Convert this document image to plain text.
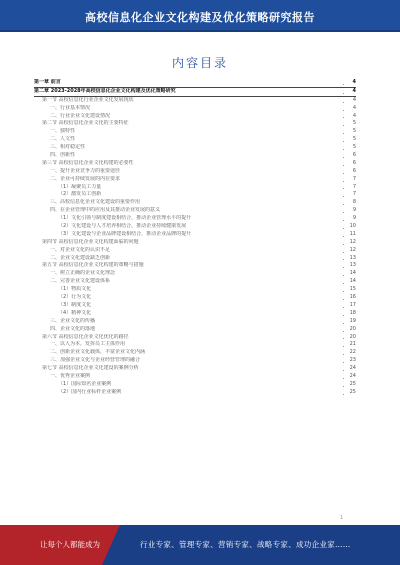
高校信息化企业文化构建及优化策略研究报告
内容目录
第一章 前言	4
第二章 2023-2028年高校信息化企业文化构建及优化策略研究	4
第一节 高校信息化行业企业文化发展现状	4
一、行业基本情况	4
二、行业企业文化建设情况	4
第二节 高校信息化企业文化的主要特征	5
一、独特性	5
二、人文性	5
三、相对稳定性	5
四、创新性	6
第三节 高校信息化企业文化构建的必要性	6
一、提升企业竞争力的重要途径	6
二、企业可持续发展的内在要求	7
（1）凝聚员工力量	7
（2）激发员工创新	7
三、高校信息化企业文化建设的重要作用	8
四、在企业管理中的应用及其推动企业发展的意义	9
（1）文化引领与制度建设相结合，推动企业管理水平的提升	9
（2）文化建设与人才培养相结合，推动企业持续健康发展	10
（3）文化建设与企业品牌建设相结合，推动企业品牌的提升	11
第四节 高校信息化企业文化构建面临的问题	12
一、对企业文化的认识不足	12
二、企业文化建设缺乏创新	13
第五节 高校信息化企业文化构建的策略与措施	13
一、树立正确的企业文化理念	14
二、完善企业文化建设体系	14
（1）物质文化	15
（2）行为文化	16
（3）制度文化	17
（4）精神文化	18
三、企业文化的传播	19
四、企业文化的落地	20
第六节 高校信息化企业文化优化的路径	20
一、以人为本，发挥员工主体作用	21
二、创新企业文化载体，丰富企业文化内涵	22
三、加强企业文化与企业经营管理的融合	23
第七节 高校信息化企业文化建设的案例分析	24
一、优秀企业案例	24
（1）国际知名企业案例	25
（2）国内行业标杆企业案例	25
1
让每个人都能成为	行业专家、管理专家、营销专家、战略专家、成功企业家……
